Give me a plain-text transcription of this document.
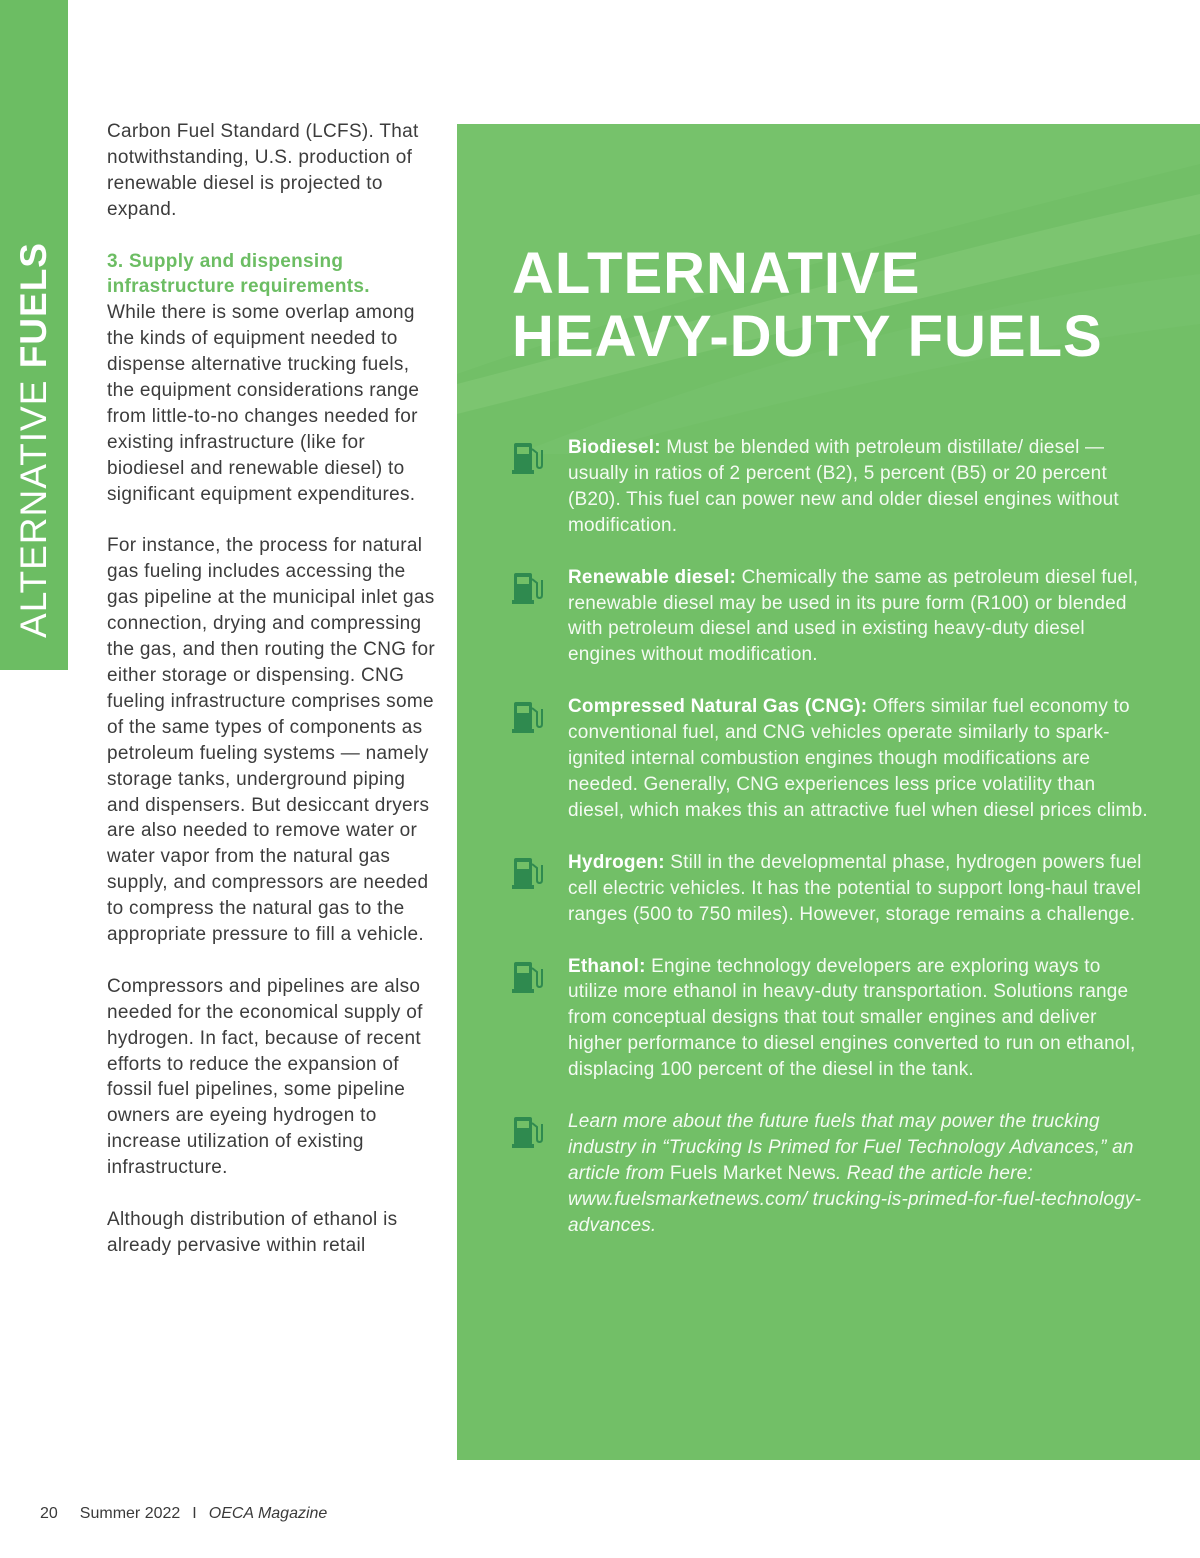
ALTERNATIVE FUELS

Carbon Fuel Standard (LCFS). That notwithstanding, U.S. production of renewable diesel is projected to expand.

3. Supply and dispensing infrastructure requirements.
While there is some overlap among the kinds of equipment needed to dispense alternative trucking fuels, the equipment considerations range from little-to-no changes needed for existing infrastructure (like for biodiesel and renewable diesel) to significant equipment expenditures.

For instance, the process for natural gas fueling includes accessing the gas pipeline at the municipal inlet gas connection, drying and compressing the gas, and then routing the CNG for either storage or dispensing. CNG fueling infrastructure comprises some of the same types of components as petroleum fueling systems — namely storage tanks, underground piping and dispensers. But desiccant dryers are also needed to remove water or water vapor from the natural gas supply, and compressors are needed to compress the natural gas to the appropriate pressure to fill a vehicle.

Compressors and pipelines are also needed for the economical supply of hydrogen. In fact, because of recent efforts to reduce the expansion of fossil fuel pipelines, some pipeline owners are eyeing hydrogen to increase utilization of existing infrastructure.

Although distribution of ethanol is already pervasive within retail

ALTERNATIVE
HEAVY-DUTY FUELS
Biodiesel: Must be blended with petroleum distillate/ diesel — usually in ratios of 2 percent (B2), 5 percent (B5) or 20 percent (B20). This fuel can power new and older diesel engines without modification.
Renewable diesel: Chemically the same as petroleum diesel fuel, renewable diesel may be used in its pure form (R100) or blended with petroleum diesel and used in existing heavy-duty diesel engines without modification.
Compressed Natural Gas (CNG): Offers similar fuel economy to conventional fuel, and CNG vehicles operate similarly to spark-ignited internal combustion engines though modifications are needed. Generally, CNG experiences less price volatility than diesel, which makes this an attractive fuel when diesel prices climb.
Hydrogen: Still in the developmental phase, hydrogen powers fuel cell electric vehicles. It has the potential to support long-haul travel ranges (500 to 750 miles). However, storage remains a challenge.
Ethanol: Engine technology developers are exploring ways to utilize more ethanol in heavy-duty transportation. Solutions range from conceptual designs that tout smaller engines and deliver higher performance to diesel engines converted to run on ethanol, displacing 100 percent of the diesel in the tank.
Learn more about the future fuels that may power the trucking industry in “Trucking Is Primed for Fuel Technology Advances,” an article from Fuels Market News. Read the article here: www.fuelsmarketnews.com/ trucking-is-primed-for-fuel-technology-advances.
20 Summer 2022 I OECA Magazine
